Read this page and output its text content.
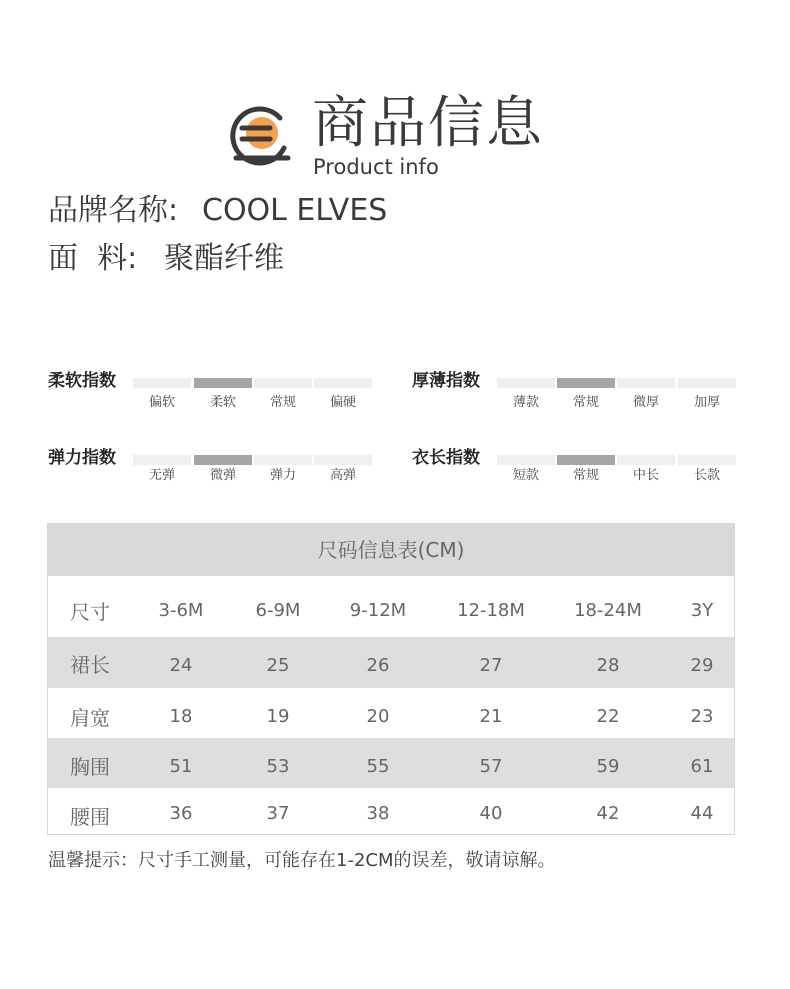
商品信息
Product info
品牌名称: COOL ELVES
面  料: 聚酯纤维
柔软指数
偏软	柔软	常规	偏硬
厚薄指数
薄款	常规	微厚	加厚
弹力指数
无弹	微弹	弹力	高弹
衣长指数
短款	常规	中长	长款
尺码信息表(CM)
尺寸	3-6M	6-9M	9-12M	12-18M	18-24M	3Y
裙长	24	25	26	27	28	29
肩宽	18	19	20	21	22	23
胸围	51	53	55	57	59	61
腰围	36	37	38	40	42	44
温馨提示：尺寸手工测量，可能存在1-2CM的误差，敬请谅解。
